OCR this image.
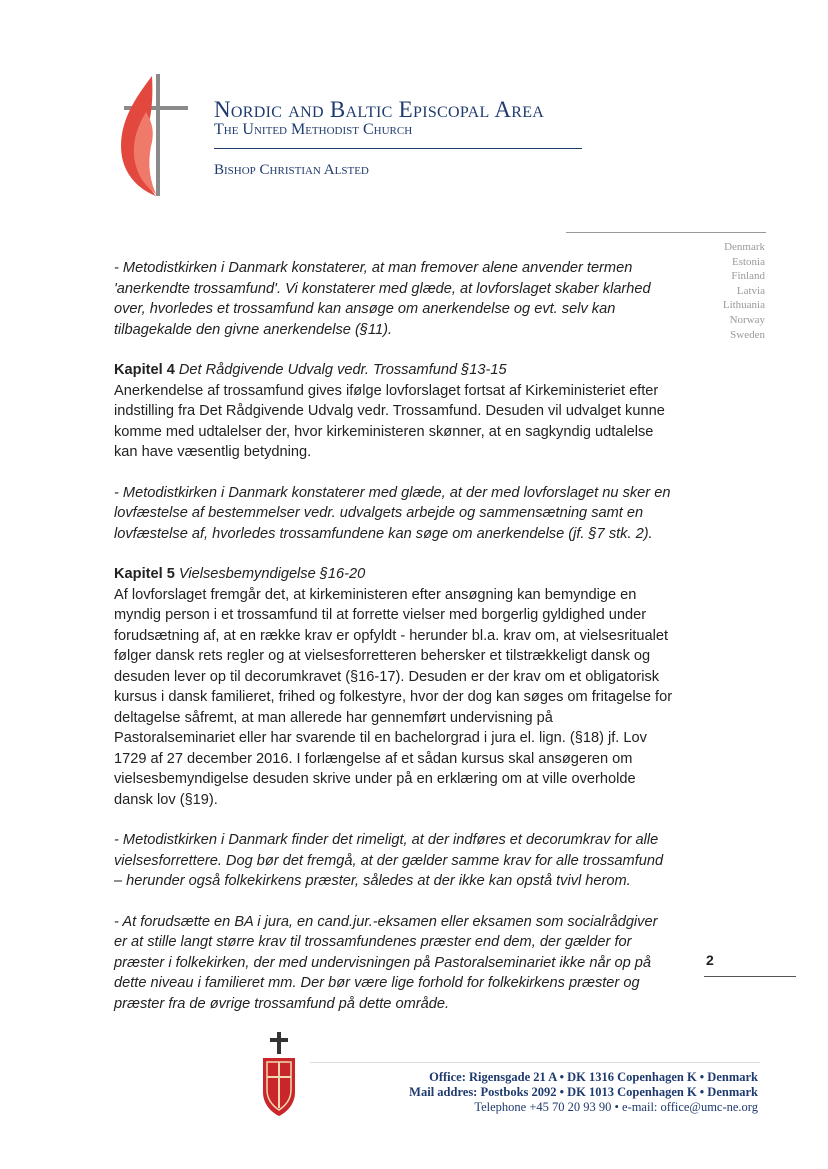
Nordic and Baltic Episcopal Area
The United Methodist Church
Bishop Christian Alsted
Denmark
Estonia
Finland
Latvia
Lithuania
Norway
Sweden

- Metodistkirken i Danmark konstaterer, at man fremover alene anvender termen 'anerkendte trossamfund'. Vi konstaterer med glæde, at lovforslaget skaber klarhed over, hvorledes et trossamfund kan ansøge om anerkendelse og evt. selv kan tilbagekalde den givne anerkendelse (§11).

Kapitel 4 Det Rådgivende Udvalg vedr. Trossamfund §13-15

Anerkendelse af trossamfund gives ifølge lovforslaget fortsat af Kirkeministeriet efter indstilling fra Det Rådgivende Udvalg vedr. Trossamfund. Desuden vil udvalget kunne komme med udtalelser der, hvor kirkeministeren skønner, at en sagkyndig udtalelse kan have væsentlig betydning.

- Metodistkirken i Danmark konstaterer med glæde, at der med lovforslaget nu sker en lovfæstelse af bestemmelser vedr. udvalgets arbejde og sammensætning samt en lovfæstelse af, hvorledes trossamfundene kan søge om anerkendelse (jf. §7 stk. 2).

Kapitel 5 Vielsesbemyndigelse §16-20

Af lovforslaget fremgår det, at kirkeministeren efter ansøgning kan bemyndige en myndig person i et trossamfund til at forrette vielser med borgerlig gyldighed under forudsætning af, at en række krav er opfyldt - herunder bl.a. krav om, at vielsesritualet følger dansk rets regler og at vielsesforretteren behersker et tilstrækkeligt dansk og desuden lever op til decorumkravet (§16-17). Desuden er der krav om et obligatorisk kursus i dansk familieret, frihed og folkestyre, hvor der dog kan søges om fritagelse for deltagelse såfremt, at man allerede har gennemført undervisning på Pastoralseminariet eller har svarende til en bachelorgrad i jura el. lign. (§18) jf. Lov 1729 af 27 december 2016. I forlængelse af et sådan kursus skal ansøgeren om vielsesbemyndigelse desuden skrive under på en erklæring om at ville overholde dansk lov (§19).

- Metodistkirken i Danmark finder det rimeligt, at der indføres et decorumkrav for alle vielsesforrettere. Dog bør det fremgå, at der gælder samme krav for alle trossamfund – herunder også folkekirkens præster, således at der ikke kan opstå tvivl herom.

- At forudsætte en BA i jura, en cand.jur.-eksamen eller eksamen som socialrådgiver er at stille langt større krav til trossamfundenes præster end dem, der gælder for præster i folkekirken, der med undervisningen på Pastoralseminariet ikke når op på dette niveau i familieret mm. Der bør være lige forhold for folkekirkens præster og præster fra de øvrige trossamfund på dette område.

2
Office: Rigensgade 21 A • DK 1316 Copenhagen K • Denmark
Mail addres: Postboks 2092 • DK 1013 Copenhagen K • Denmark
Telephone +45 70 20 93 90 • e-mail: office@umc-ne.org
